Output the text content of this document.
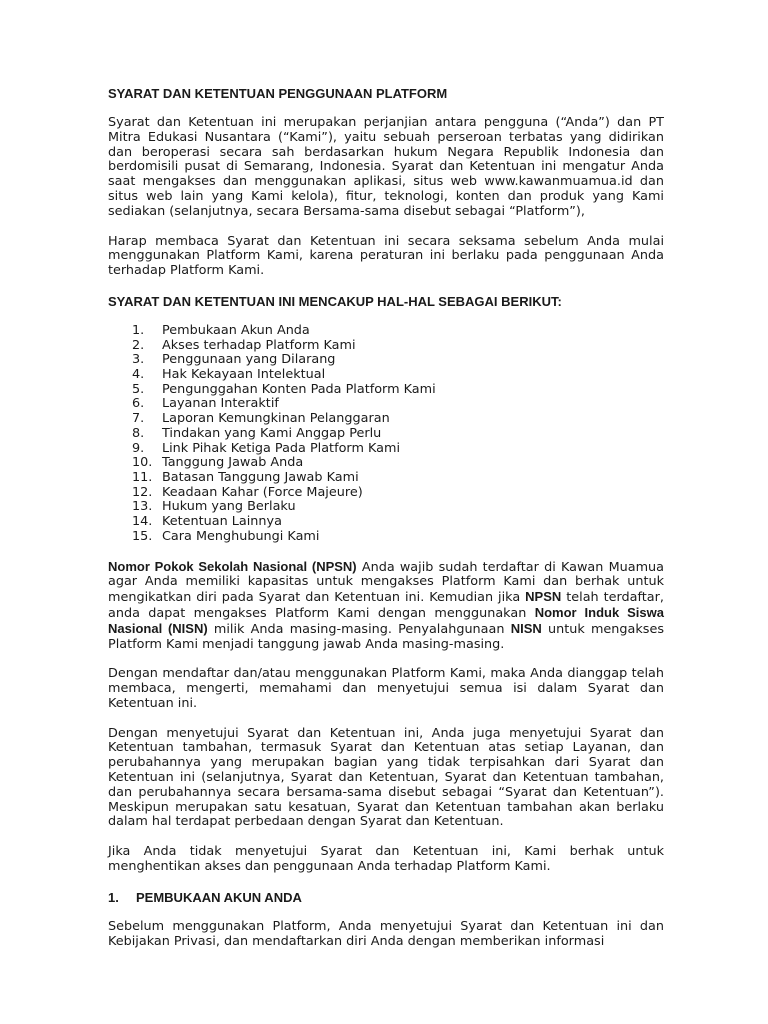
SYARAT DAN KETENTUAN PENGGUNAAN PLATFORM

Syarat dan Ketentuan ini merupakan perjanjian antara pengguna (“Anda”) dan PT Mitra Edukasi Nusantara (“Kami”), yaitu sebuah perseroan terbatas yang didirikan dan beroperasi secara sah berdasarkan hukum Negara Republik Indonesia dan berdomisili pusat di Semarang, Indonesia. Syarat dan Ketentuan ini mengatur Anda saat mengakses dan menggunakan aplikasi, situs web www.kawanmuamua.id dan situs web lain yang Kami kelola), fitur, teknologi, konten dan produk yang Kami sediakan (selanjutnya, secara Bersama-sama disebut sebagai “Platform”),

Harap membaca Syarat dan Ketentuan ini secara seksama sebelum Anda mulai menggunakan Platform Kami, karena peraturan ini berlaku pada penggunaan Anda terhadap Platform Kami.

SYARAT DAN KETENTUAN INI MENCAKUP HAL-HAL SEBAGAI BERIKUT:
1.	Pembukaan Akun Anda
2.	Akses terhadap Platform Kami
3.	Penggunaan yang Dilarang
4.	Hak Kekayaan Intelektual
5.	Pengunggahan Konten Pada Platform Kami
6.	Layanan Interaktif
7.	Laporan Kemungkinan Pelanggaran
8.	Tindakan yang Kami Anggap Perlu
9.	Link Pihak Ketiga Pada Platform Kami
10. Tanggung Jawab Anda
11. Batasan Tanggung Jawab Kami
12. Keadaan Kahar (Force Majeure)
13. Hukum yang Berlaku
14. Ketentuan Lainnya
15. Cara Menghubungi Kami

Nomor Pokok Sekolah Nasional (NPSN) Anda wajib sudah terdaftar di Kawan Muamua agar Anda memiliki kapasitas untuk mengakses Platform Kami dan berhak untuk mengikatkan diri pada Syarat dan Ketentuan ini. Kemudian jika NPSN telah terdaftar, anda dapat mengakses Platform Kami dengan menggunakan Nomor Induk Siswa Nasional (NISN) milik Anda masing-masing. Penyalahgunaan NISN untuk mengakses Platform Kami menjadi tanggung jawab Anda masing-masing.

Dengan mendaftar dan/atau menggunakan Platform Kami, maka Anda dianggap telah membaca, mengerti, memahami dan menyetujui semua isi dalam Syarat dan Ketentuan ini.

Dengan menyetujui Syarat dan Ketentuan ini, Anda juga menyetujui Syarat dan Ketentuan tambahan, termasuk Syarat dan Ketentuan atas setiap Layanan, dan perubahannya yang merupakan bagian yang tidak terpisahkan dari Syarat dan Ketentuan ini (selanjutnya, Syarat dan Ketentuan, Syarat dan Ketentuan tambahan, dan perubahannya secara bersama-sama disebut sebagai “Syarat dan Ketentuan”). Meskipun merupakan satu kesatuan, Syarat dan Ketentuan tambahan akan berlaku dalam hal terdapat perbedaan dengan Syarat dan Ketentuan.

Jika Anda tidak menyetujui Syarat dan Ketentuan ini, Kami berhak untuk menghentikan akses dan penggunaan Anda terhadap Platform Kami.

1. PEMBUKAAN AKUN ANDA

Sebelum menggunakan Platform, Anda menyetujui Syarat dan Ketentuan ini dan Kebijakan Privasi, dan mendaftarkan diri Anda dengan memberikan informasi
